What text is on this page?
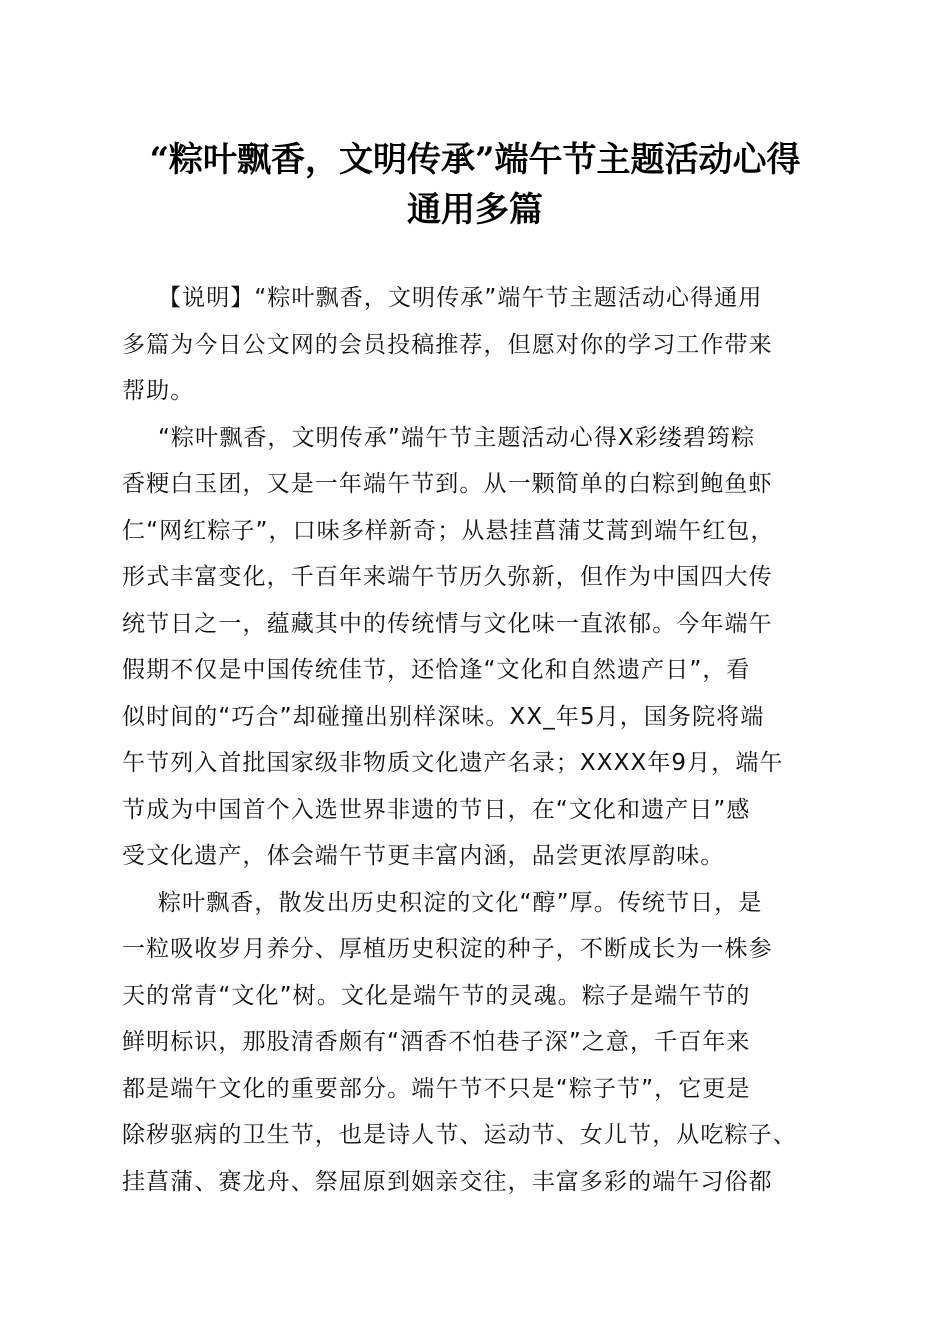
“粽叶飘香，文明传承”端午节主题活动心得
通用多篇
【说明】“粽叶飘香，文明传承”端午节主题活动心得通用
多篇为今日公文网的会员投稿推荐，但愿对你的学习工作带来
帮助。
“粽叶飘香，文明传承”端午节主题活动心得X彩缕碧筠粽
香粳白玉团，又是一年端午节到。从一颗简单的白粽到鲍鱼虾
仁“网红粽子”，口味多样新奇；从悬挂菖蒲艾蒿到端午红包，
形式丰富变化，千百年来端午节历久弥新，但作为中国四大传
统节日之一，蕴藏其中的传统情与文化味一直浓郁。今年端午
假期不仅是中国传统佳节，还恰逢“文化和自然遗产日”，看
似时间的“巧合”却碰撞出别样深味。XX_年5月，国务院将端
午节列入首批国家级非物质文化遗产名录；XXXX年9月，端午
节成为中国首个入选世界非遗的节日，在“文化和遗产日”感
受文化遗产，体会端午节更丰富内涵，品尝更浓厚韵味。
粽叶飘香，散发出历史积淀的文化“醇”厚。传统节日，是
一粒吸收岁月养分、厚植历史积淀的种子，不断成长为一株参
天的常青“文化”树。文化是端午节的灵魂。粽子是端午节的
鲜明标识，那股清香颇有“酒香不怕巷子深”之意，千百年来
都是端午文化的重要部分。端午节不只是“粽子节”，它更是
除秽驱病的卫生节，也是诗人节、运动节、女儿节，从吃粽子、
挂菖蒲、赛龙舟、祭屈原到姻亲交往，丰富多彩的端午习俗都
